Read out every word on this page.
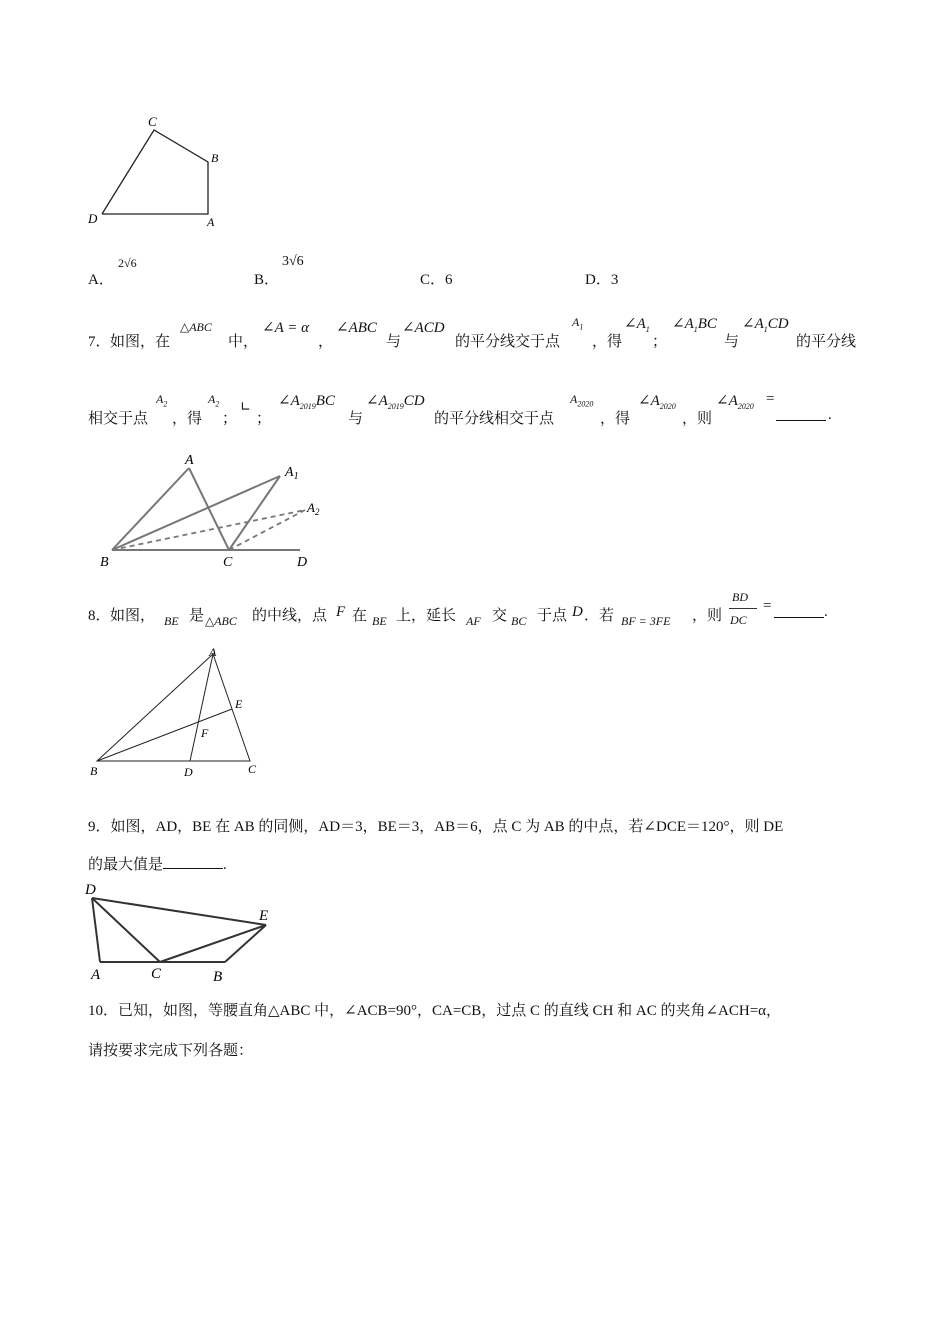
C
B
D	A
A．
2√6
B．
3√6
C．6	D．3
7． 如图，在
△ABC
中，
∠A = α
，
∠ABC
与
∠ACD
的平分线交于点
$A_1$
，得
$\angle A_1$
；
$\angle A_1BC$
与
$\angle A_1CD$
的平分线
相交于点
$A_2$
，得
$A_2$
；
∟
；
$\angle A_{2019}BC$
与
$\angle A_{2019}CD$
的平分线相交于点
$A_{2020}$
，得
$\angle A_{2020}$
，则
$\angle A_{2020}$ =
.
A
$A_1$
$A_2$
B	C	D
8． 如图， BE 是 △ABC 的中线，点 F 在 BE 上，延长 AF 交 BC 于点 D ．若 BF = 3FE ，则
BD
DC
=	.
A
E
F
B	D	C
9．如图，AD，BE 在 AB 的同侧，AD＝3，BE＝3，AB＝6，点 C 为 AB 的中点，若∠DCE＝120°，则 DE
的最大值是	.
D
E
A	C	B
10．已知，如图，等腰直角△ABC 中，∠ACB=90°，CA=CB，过点 C 的直线 CH 和 AC 的夹角∠ACH=α，
请按要求完成下列各题：
